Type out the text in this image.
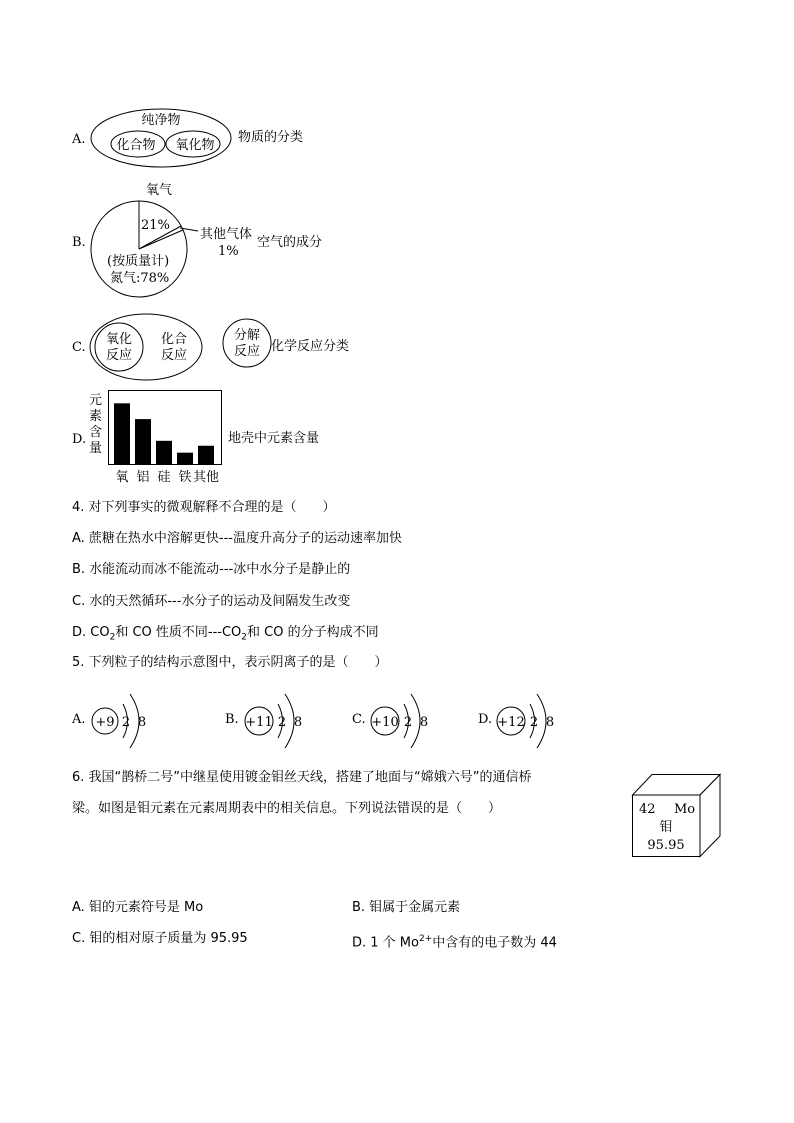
A.
纯净物
化合物 氧化物
物质的分类
B.
氧气
21%
其他气体
1%
(按质量计)
氮气:78%
空气的成分
C.
氧化
反应
化合
反应
分解
反应 化学反应分类
D.
元
素
含
量
氧 铝 硅 铁 其他
地壳中元素含量
4. 对下列事实的微观解释不合理的是（　　）
A. 蔗糖在热水中溶解更快---温度升高分子的运动速率加快
B. 水能流动而冰不能流动---冰中水分子是静止的
C. 水的天然循环---水分子的运动及间隔发生改变
D. $CO_2$和 CO 性质不同$---CO_2$和 CO 的分子构成不同
5. 下列粒子的结构示意图中，表示阴离子的是（　　）
A. +9 2 8	B. +11 2 8	C. +10 2 8	D. +12 2 8
6. 我国“鹊桥二号”中继星使用镀金钼丝天线，搭建了地面与“嫦娥六号”的通信桥
梁。如图是钼元素在元素周期表中的相关信息。下列说法错误的是（　　）	42 Mo
钼
95.95
A. 钼的元素符号是 Mo	B. 钼属于金属元素
C. 钼的相对原子质量为 95.95	D. 1 个 $Mo^{2+}$中含有的电子数为 44
